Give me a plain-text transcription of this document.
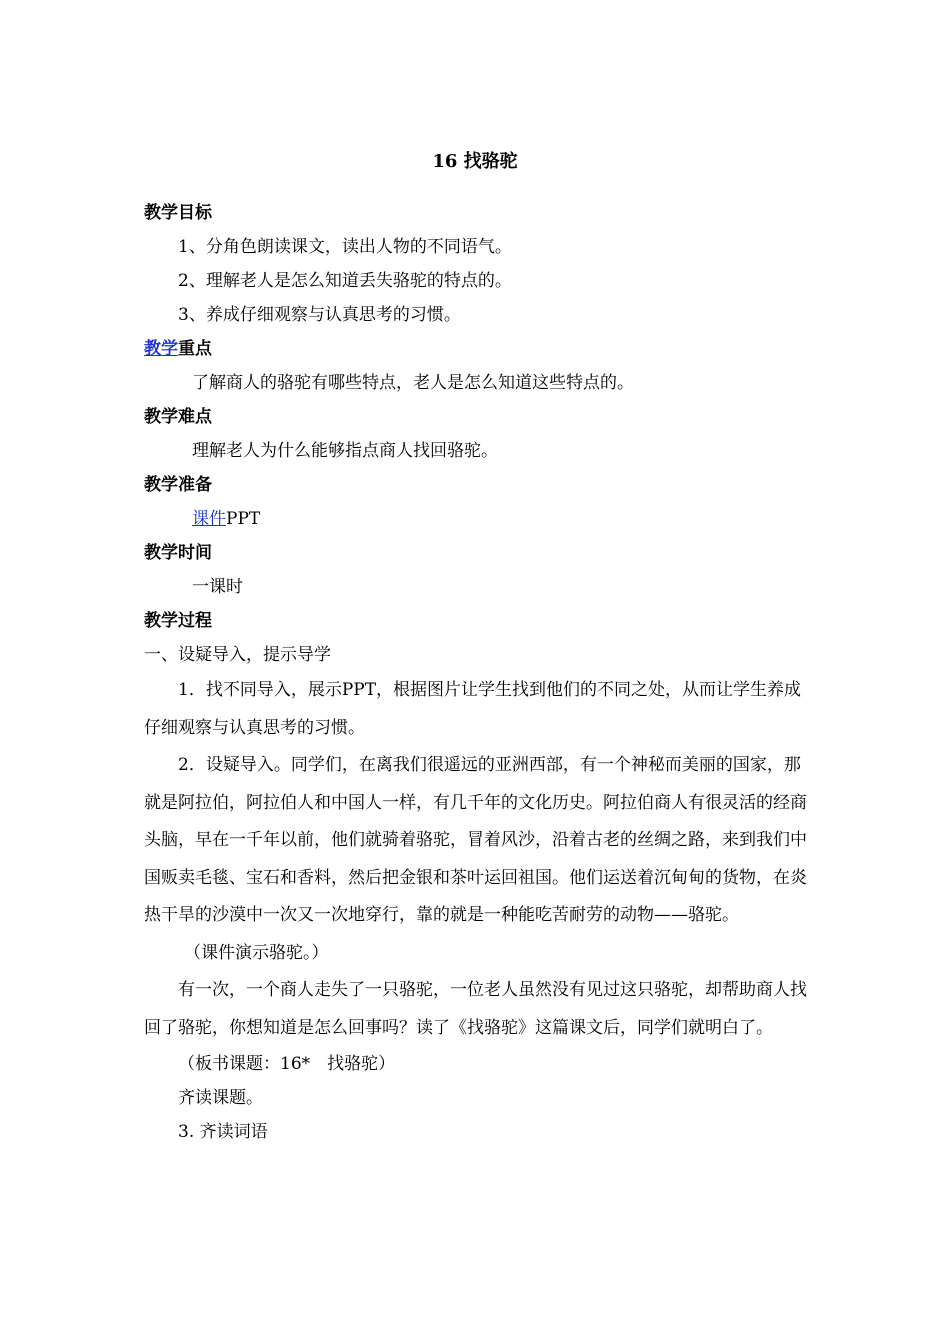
16 找骆驼

教学目标

1、分角色朗读课文，读出人物的不同语气。

2、理解老人是怎么知道丢失骆驼的特点的。

3、养成仔细观察与认真思考的习惯。

教学重点

了解商人的骆驼有哪些特点，老人是怎么知道这些特点的。

教学难点

理解老人为什么能够指点商人找回骆驼。

教学准备

课件PPT

教学时间

一课时

教学过程

一、设疑导入，提示导学

1．找不同导入，展示PPT，根据图片让学生找到他们的不同之处，从而让学生养成仔细观察与认真思考的习惯。

2．设疑导入。同学们，在离我们很遥远的亚洲西部，有一个神秘而美丽的国家，那就是阿拉伯，阿拉伯人和中国人一样，有几千年的文化历史。阿拉伯商人有很灵活的经商头脑，早在一千年以前，他们就骑着骆驼，冒着风沙，沿着古老的丝绸之路，来到我们中国贩卖毛毯、宝石和香料，然后把金银和茶叶运回祖国。他们运送着沉甸甸的货物，在炎热干旱的沙漠中一次又一次地穿行，靠的就是一种能吃苦耐劳的动物——骆驼。

（课件演示骆驼。）

有一次，一个商人走失了一只骆驼，一位老人虽然没有见过这只骆驼，却帮助商人找回了骆驼，你想知道是怎么回事吗？读了《找骆驼》这篇课文后，同学们就明白了。

（板书课题：16*　找骆驼）

齐读课题。

3. 齐读词语
